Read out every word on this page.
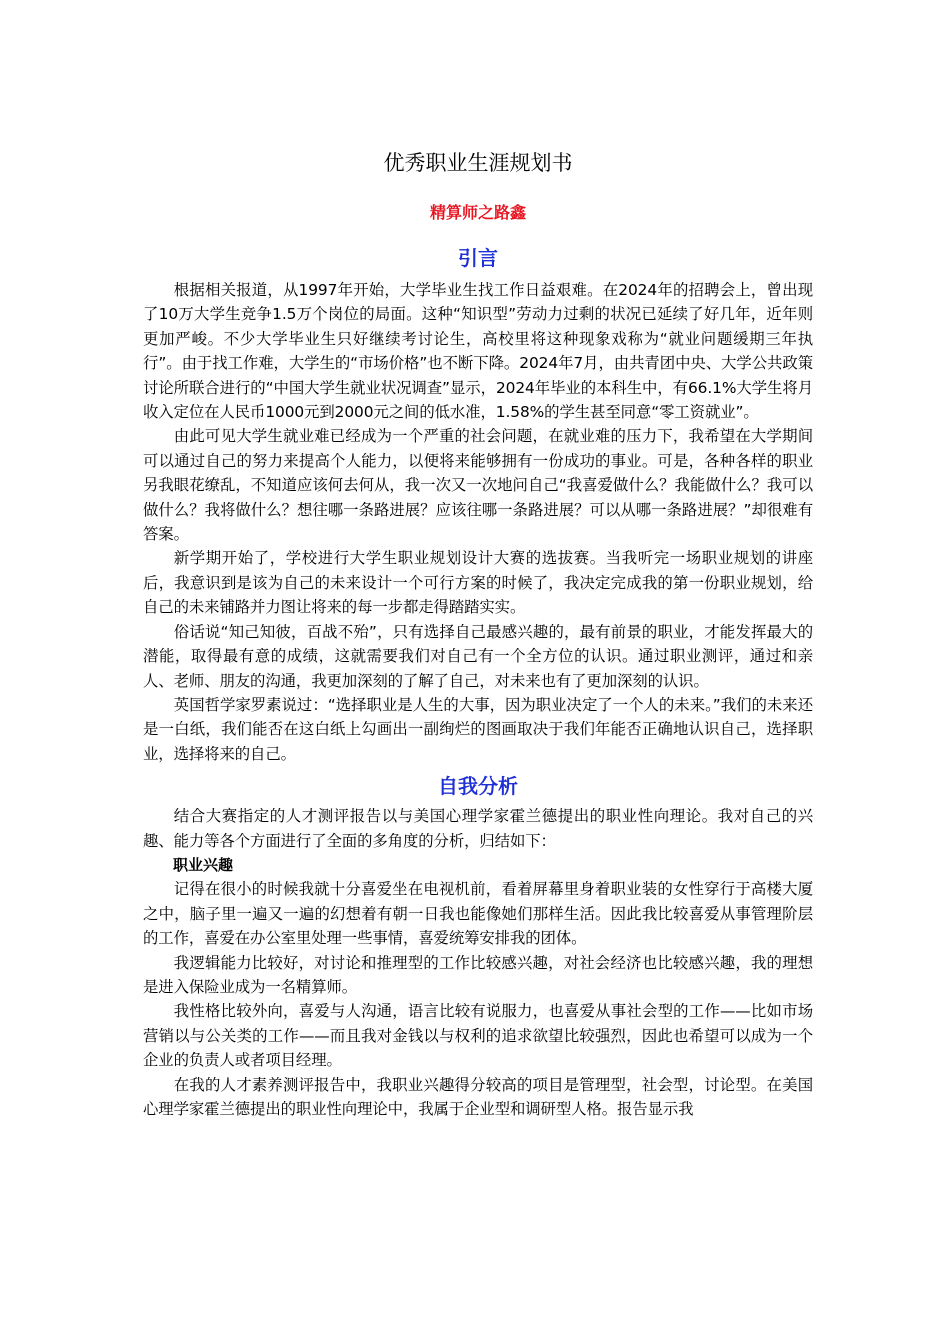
优秀职业生涯规划书
精算师之路鑫
引言

根据相关报道，从1997年开始，大学毕业生找工作日益艰难。在2024年的招聘会上，曾出现了10万大学生竞争1.5万个岗位的局面。这种“知识型”劳动力过剩的状况已延续了好几年，近年则更加严峻。不少大学毕业生只好继续考讨论生，高校里将这种现象戏称为“就业问题缓期三年执行”。由于找工作难，大学生的“市场价格”也不断下降。2024年7月，由共青团中央、大学公共政策讨论所联合进行的“中国大学生就业状况调查”显示，2024年毕业的本科生中，有66.1%大学生将月收入定位在人民币1000元到2000元之间的低水准，1.58%的学生甚至同意“零工资就业”。

由此可见大学生就业难已经成为一个严重的社会问题，在就业难的压力下，我希望在大学期间可以通过自己的努力来提高个人能力，以便将来能够拥有一份成功的事业。可是，各种各样的职业另我眼花缭乱，不知道应该何去何从，我一次又一次地问自己“我喜爱做什么？我能做什么？我可以做什么？我将做什么？想往哪一条路进展？应该往哪一条路进展？可以从哪一条路进展？”却很难有答案。

新学期开始了，学校进行大学生职业规划设计大赛的选拔赛。当我听完一场职业规划的讲座后，我意识到是该为自己的未来设计一个可行方案的时候了，我决定完成我的第一份职业规划，给自己的未来铺路并力图让将来的每一步都走得踏踏实实。

俗话说“知己知彼，百战不殆”，只有选择自己最感兴趣的，最有前景的职业，才能发挥最大的潜能，取得最有意的成绩，这就需要我们对自己有一个全方位的认识。通过职业测评，通过和亲人、老师、朋友的沟通，我更加深刻的了解了自己，对未来也有了更加深刻的认识。

英国哲学家罗素说过：“选择职业是人生的大事，因为职业决定了一个人的未来。”我们的未来还是一白纸，我们能否在这白纸上勾画出一副绚烂的图画取决于我们年能否正确地认识自己，选择职业，选择将来的自己。

自我分析

结合大赛指定的人才测评报告以与美国心理学家霍兰德提出的职业性向理论。我对自己的兴趣、能力等各个方面进行了全面的多角度的分析，归结如下：

职业兴趣

记得在很小的时候我就十分喜爱坐在电视机前，看着屏幕里身着职业装的女性穿行于高楼大厦之中，脑子里一遍又一遍的幻想着有朝一日我也能像她们那样生活。因此我比较喜爱从事管理阶层的工作，喜爱在办公室里处理一些事情，喜爱统筹安排我的团体。

我逻辑能力比较好，对讨论和推理型的工作比较感兴趣，对社会经济也比较感兴趣，我的理想是进入保险业成为一名精算师。

我性格比较外向，喜爱与人沟通，语言比较有说服力，也喜爱从事社会型的工作——比如市场营销以与公关类的工作——而且我对金钱以与权利的追求欲望比较强烈，因此也希望可以成为一个企业的负责人或者项目经理。

在我的人才素养测评报告中，我职业兴趣得分较高的项目是管理型，社会型，讨论型。在美国心理学家霍兰德提出的职业性向理论中，我属于企业型和调研型人格。报告显示我
